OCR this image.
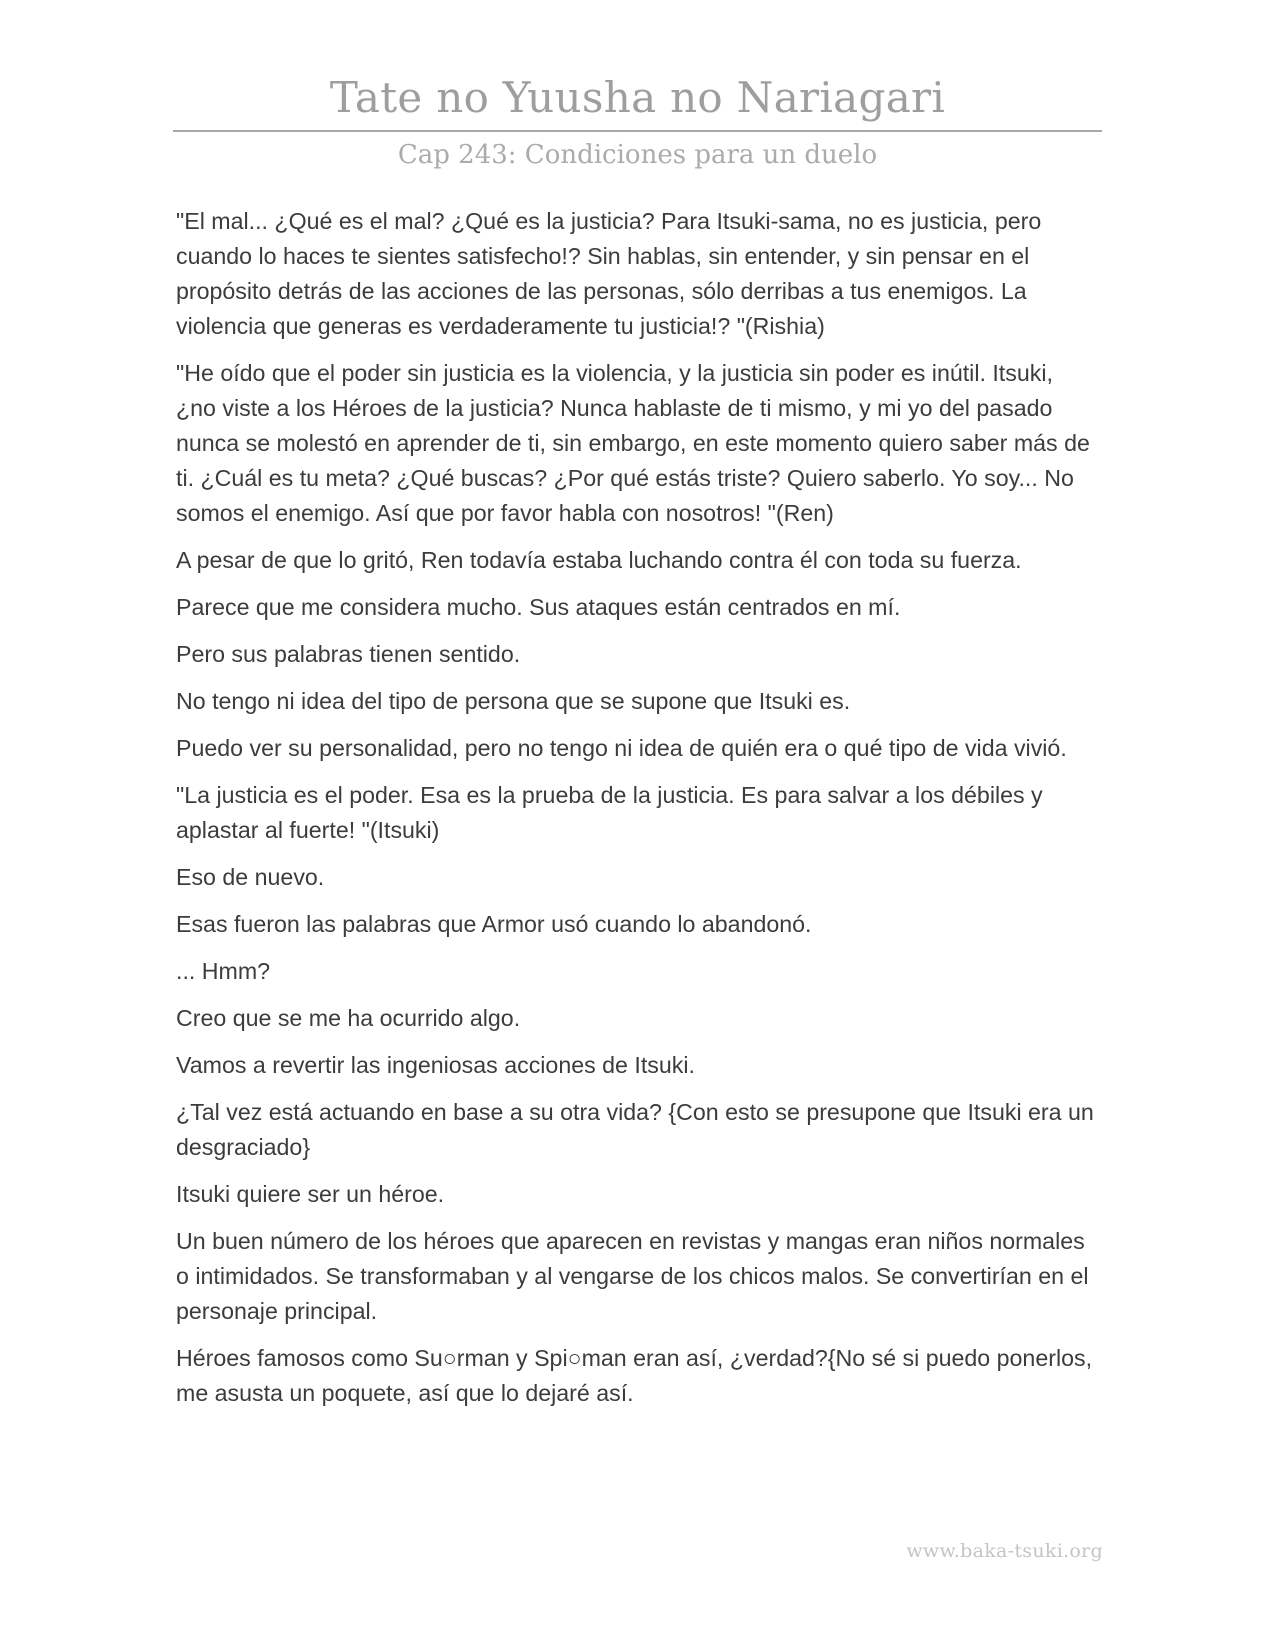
Tate no Yuusha no Nariagari
Cap 243: Condiciones para un duelo

"El mal... ¿Qué es el mal? ¿Qué es la justicia? Para Itsuki-sama, no es justicia, pero cuando lo haces te sientes satisfecho!? Sin hablas, sin entender, y sin pensar en el propósito detrás de las acciones de las personas, sólo derribas a tus enemigos. La violencia que generas es verdaderamente tu justicia!? "(Rishia)

"He oído que el poder sin justicia es la violencia, y la justicia sin poder es inútil. Itsuki, ¿no viste a los Héroes de la justicia? Nunca hablaste de ti mismo, y mi yo del pasado nunca se molestó en aprender de ti, sin embargo, en este momento quiero saber más de ti. ¿Cuál es tu meta? ¿Qué buscas? ¿Por qué estás triste? Quiero saberlo. Yo soy... No somos el enemigo. Así que por favor habla con nosotros! "(Ren)

A pesar de que lo gritó, Ren todavía estaba luchando contra él con toda su fuerza.

Parece que me considera mucho. Sus ataques están centrados en mí.

Pero sus palabras tienen sentido.

No tengo ni idea del tipo de persona que se supone que Itsuki es.

Puedo ver su personalidad, pero no tengo ni idea de quién era o qué tipo de vida vivió.

"La justicia es el poder. Esa es la prueba de la justicia. Es para salvar a los débiles y aplastar al fuerte! "(Itsuki)

Eso de nuevo.

Esas fueron las palabras que Armor usó cuando lo abandonó.

... Hmm?

Creo que se me ha ocurrido algo.

Vamos a revertir las ingeniosas acciones de Itsuki.

¿Tal vez está actuando en base a su otra vida? {Con esto se presupone que Itsuki era un desgraciado}

Itsuki quiere ser un héroe.

Un buen número de los héroes que aparecen en revistas y mangas eran niños normales o intimidados. Se transformaban y al vengarse de los chicos malos. Se convertirían en el personaje principal.

Héroes famosos como Su○rman y Spi○man eran así, ¿verdad?{No sé si puedo ponerlos, me asusta un poquete, así que lo dejaré así.

www.baka-tsuki.org
